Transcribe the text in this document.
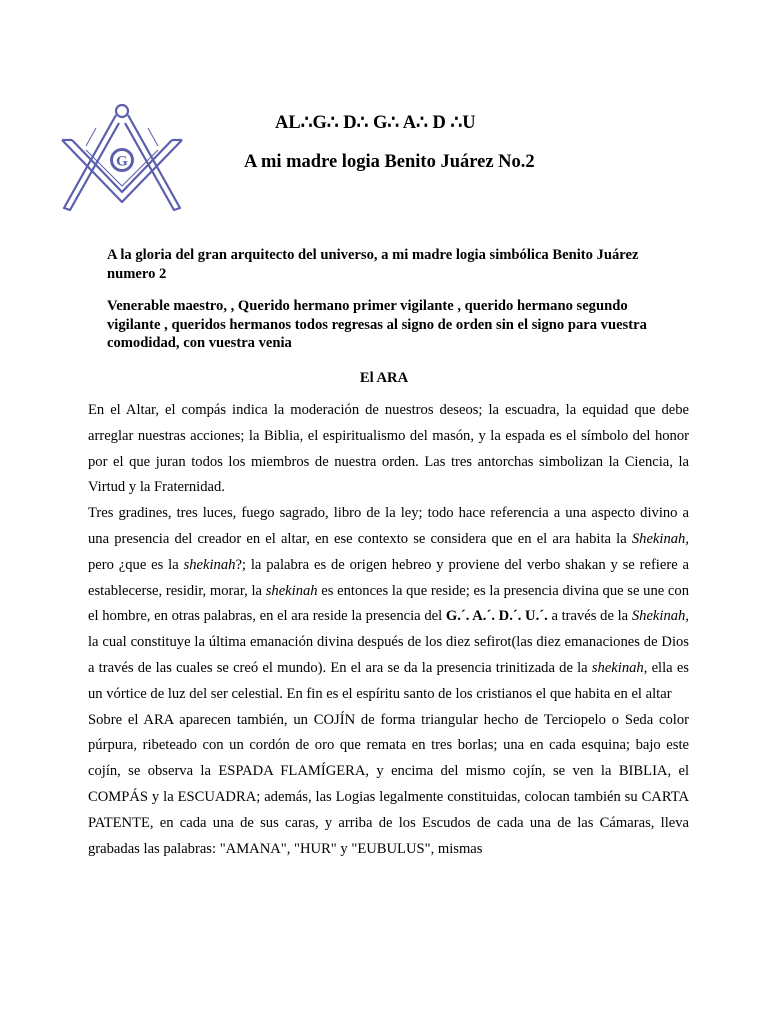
G
AL∴G∴ D∴ G∴ A∴ D ∴U
A mi madre logia Benito Juárez No.2

A la gloria del gran arquitecto del universo, a mi madre logia simbólica Benito Juárez numero 2

Venerable maestro, , Querido hermano primer vigilante , querido hermano segundo vigilante , queridos hermanos todos regresas al signo de orden sin el signo para vuestra comodidad, con vuestra venia

El ARA

En el Altar, el compás indica la moderación de nuestros deseos; la escuadra, la equidad que debe arreglar nuestras acciones; la Biblia, el espiritualismo del masón, y la espada es el símbolo del honor por el que juran todos los miembros de nuestra orden. Las tres antorchas simbolizan la Ciencia, la Virtud y la Fraternidad.

Tres gradines, tres luces, fuego sagrado, libro de la ley; todo hace referencia a una aspecto divino a una presencia del creador en el altar, en ese contexto se considera que en el ara habita la Shekinah, pero ¿que es la shekinah?; la palabra es de origen hebreo y proviene del verbo shakan y se refiere a establecerse, residir, morar, la shekinah es entonces la que reside; es la presencia divina que se une con el hombre, en otras palabras, en el ara reside la presencia del G.´. A.´. D.´. U.´. a través de la Shekinah, la cual constituye la última emanación divina después de los diez sefirot(las diez emanaciones de Dios a través de las cuales se creó el mundo). En el ara se da la presencia trinitizada de la shekinah, ella es un vórtice de luz del ser celestial. En fin es el espíritu santo de los cristianos el que habita en el altar

Sobre el ARA aparecen también, un COJÍN de forma triangular hecho de Terciopelo o Seda color púrpura, ribeteado con un cordón de oro que remata en tres borlas; una en cada esquina; bajo este cojín, se observa la ESPADA FLAMÍGERA, y encima del mismo cojín, se ven la BIBLIA, el COMPÁS y la ESCUADRA; además, las Logias legalmente constituidas, colocan también su CARTA PATENTE, en cada una de sus caras, y arriba de los Escudos de cada una de las Cámaras, lleva grabadas las palabras: "AMANA", "HUR" y "EUBULUS", mismas
